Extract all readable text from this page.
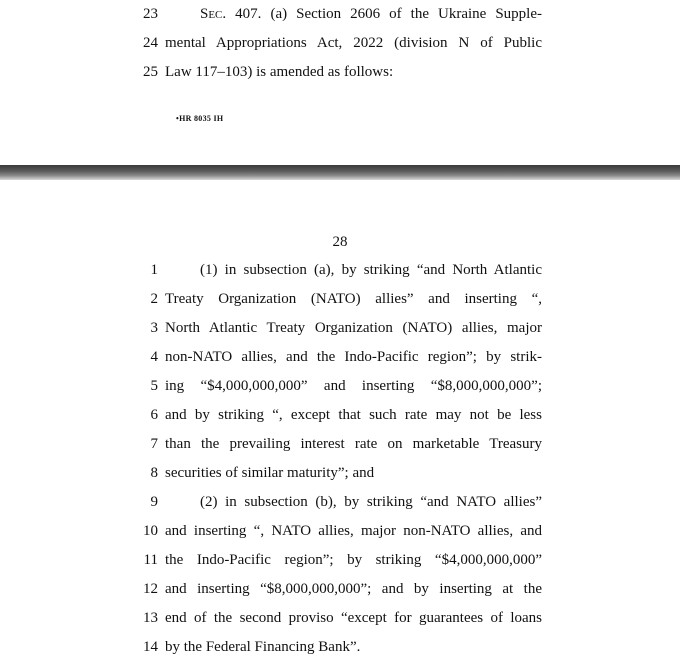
23	Sec. 407. (a) Section 2606 of the Ukraine Supple-
24 mental Appropriations Act, 2022 (division N of Public
25 Law 117–103) is amended as follows:
•HR 8035 IH
28
1	(1) in subsection (a), by striking “and North Atlantic
2 Treaty Organization (NATO) allies” and inserting “,
3 North Atlantic Treaty Organization (NATO) allies, major
4 non-NATO allies, and the Indo-Pacific region”; by strik-
5 ing “$4,000,000,000” and inserting “$8,000,000,000”;
6 and by striking “, except that such rate may not be less
7 than the prevailing interest rate on marketable Treasury
8 securities of similar maturity”; and
9	(2) in subsection (b), by striking “and NATO allies”
10 and inserting “, NATO allies, major non-NATO allies, and
11 the Indo-Pacific region”; by striking “$4,000,000,000”
12 and inserting “$8,000,000,000”; and by inserting at the
13 end of the second proviso “except for guarantees of loans
14 by the Federal Financing Bank”.
